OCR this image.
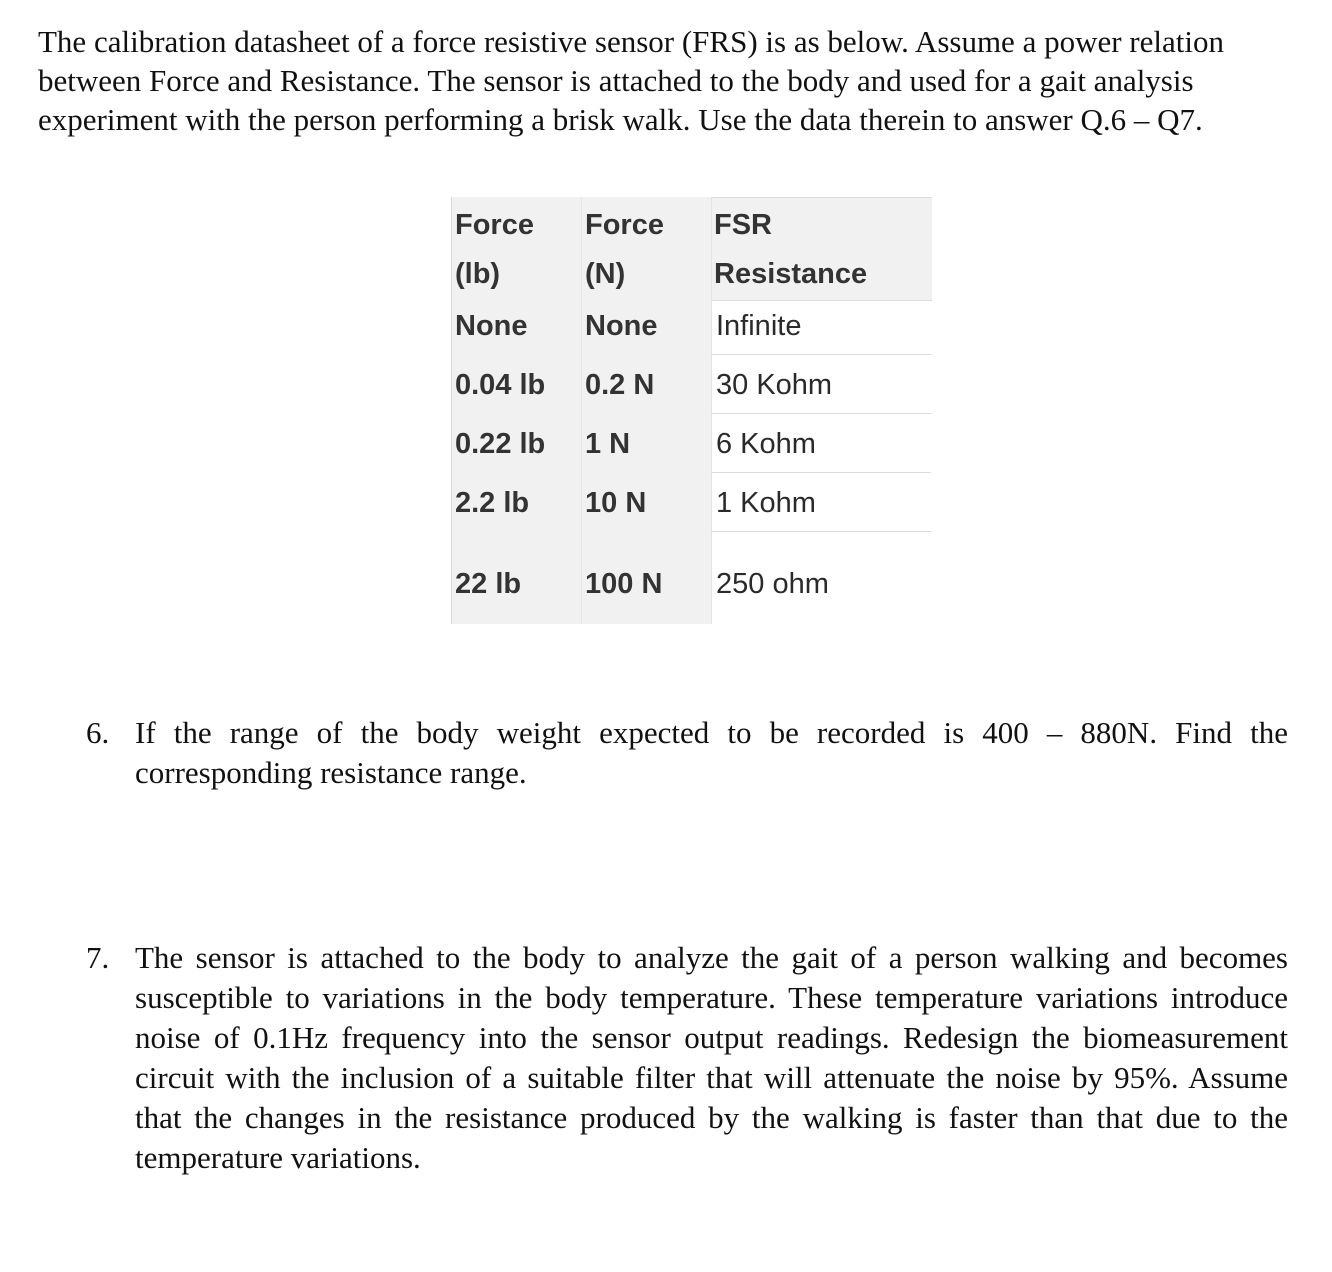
The calibration datasheet of a force resistive sensor (FRS) is as below. Assume a power relation
between Force and Resistance. The sensor is attached to the body and used for a gait analysis
experiment with the person performing a brisk walk. Use the data therein to answer Q.6 – Q7.
Force
(lb)
Force
(N)
FSR
Resistance
None None Infinite
0.04 lb 0.2 N 30 Kohm
0.22 lb 1 N	6 Kohm
2.2 lb 10 N 1 Kohm
22 lb 100 N 250 ohm
6. If the range of the body weight expected to be recorded is 400 – 880N. Find the
corresponding resistance range.
7. The sensor is attached to the body to analyze the gait of a person walking and becomes
susceptible to variations in the body temperature. These temperature variations introduce
noise of 0.1Hz frequency into the sensor output readings. Redesign the biomeasurement
circuit with the inclusion of a suitable filter that will attenuate the noise by 95%. Assume
that the changes in the resistance produced by the walking is faster than that due to the
temperature variations.
